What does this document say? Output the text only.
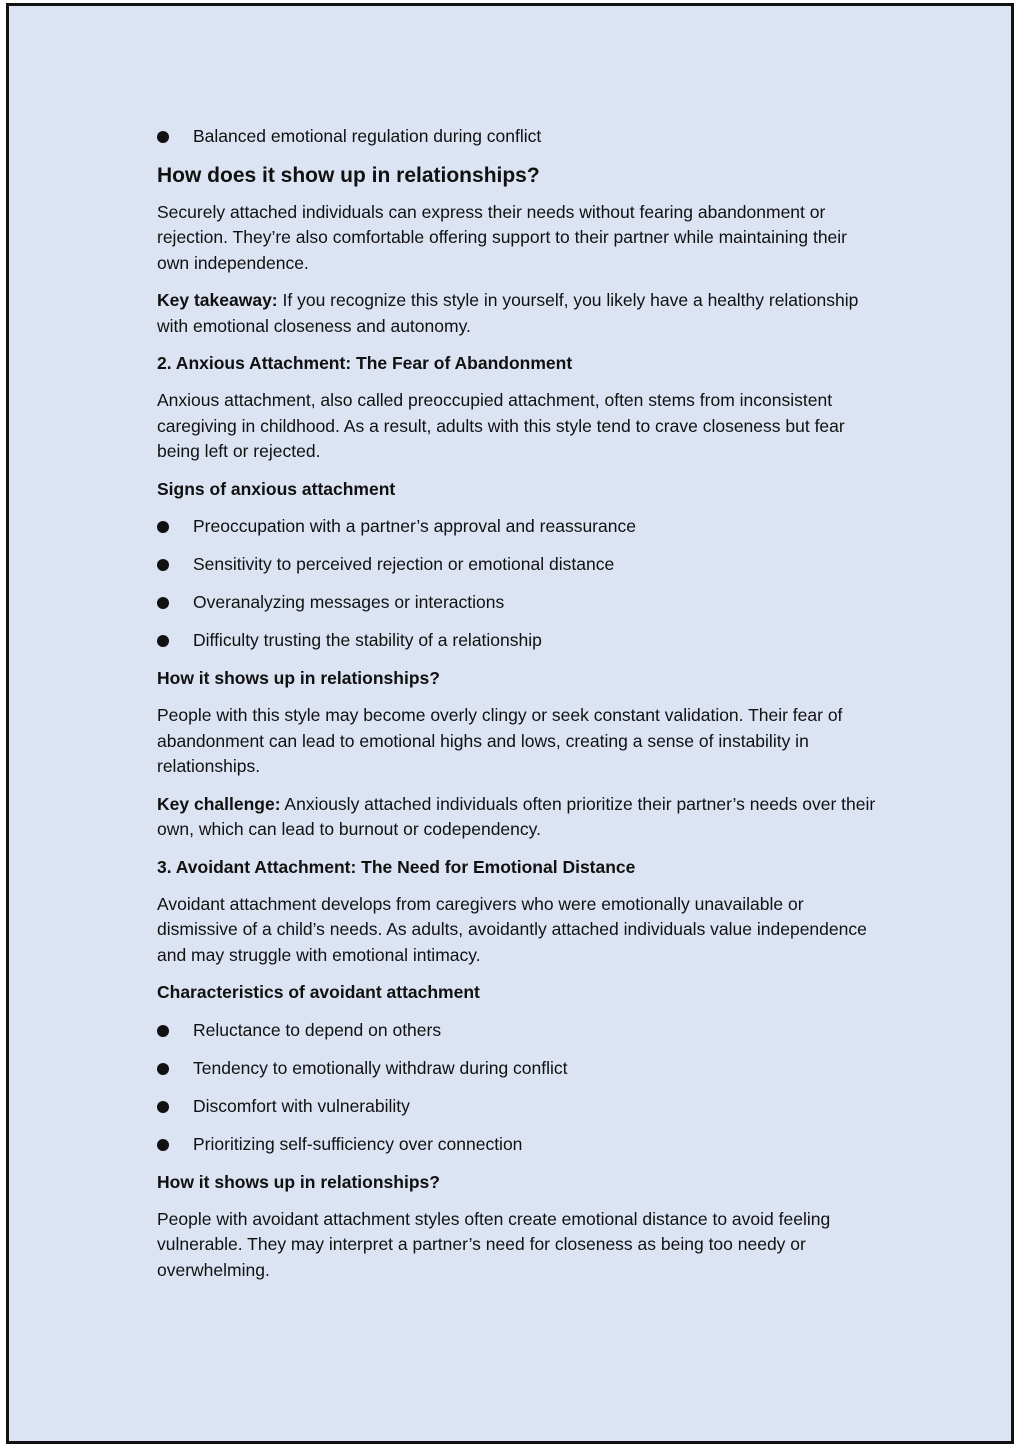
Balanced emotional regulation during conflict
How does it show up in relationships?

Securely attached individuals can express their needs without fearing abandonment or rejection. They’re also comfortable offering support to their partner while maintaining their own independence.

Key takeaway: If you recognize this style in yourself, you likely have a healthy relationship with emotional closeness and autonomy.

2. Anxious Attachment: The Fear of Abandonment

Anxious attachment, also called preoccupied attachment, often stems from inconsistent caregiving in childhood. As a result, adults with this style tend to crave closeness but fear being left or rejected.

Signs of anxious attachment
Preoccupation with a partner’s approval and reassurance
Sensitivity to perceived rejection or emotional distance
Overanalyzing messages or interactions
Difficulty trusting the stability of a relationship
How it shows up in relationships?

People with this style may become overly clingy or seek constant validation. Their fear of abandonment can lead to emotional highs and lows, creating a sense of instability in relationships.

Key challenge: Anxiously attached individuals often prioritize their partner’s needs over their own, which can lead to burnout or codependency.

3. Avoidant Attachment: The Need for Emotional Distance

Avoidant attachment develops from caregivers who were emotionally unavailable or dismissive of a child’s needs. As adults, avoidantly attached individuals value independence and may struggle with emotional intimacy.

Characteristics of avoidant attachment
Reluctance to depend on others
Tendency to emotionally withdraw during conflict
Discomfort with vulnerability
Prioritizing self-sufficiency over connection
How it shows up in relationships?

People with avoidant attachment styles often create emotional distance to avoid feeling vulnerable. They may interpret a partner’s need for closeness as being too needy or overwhelming.
